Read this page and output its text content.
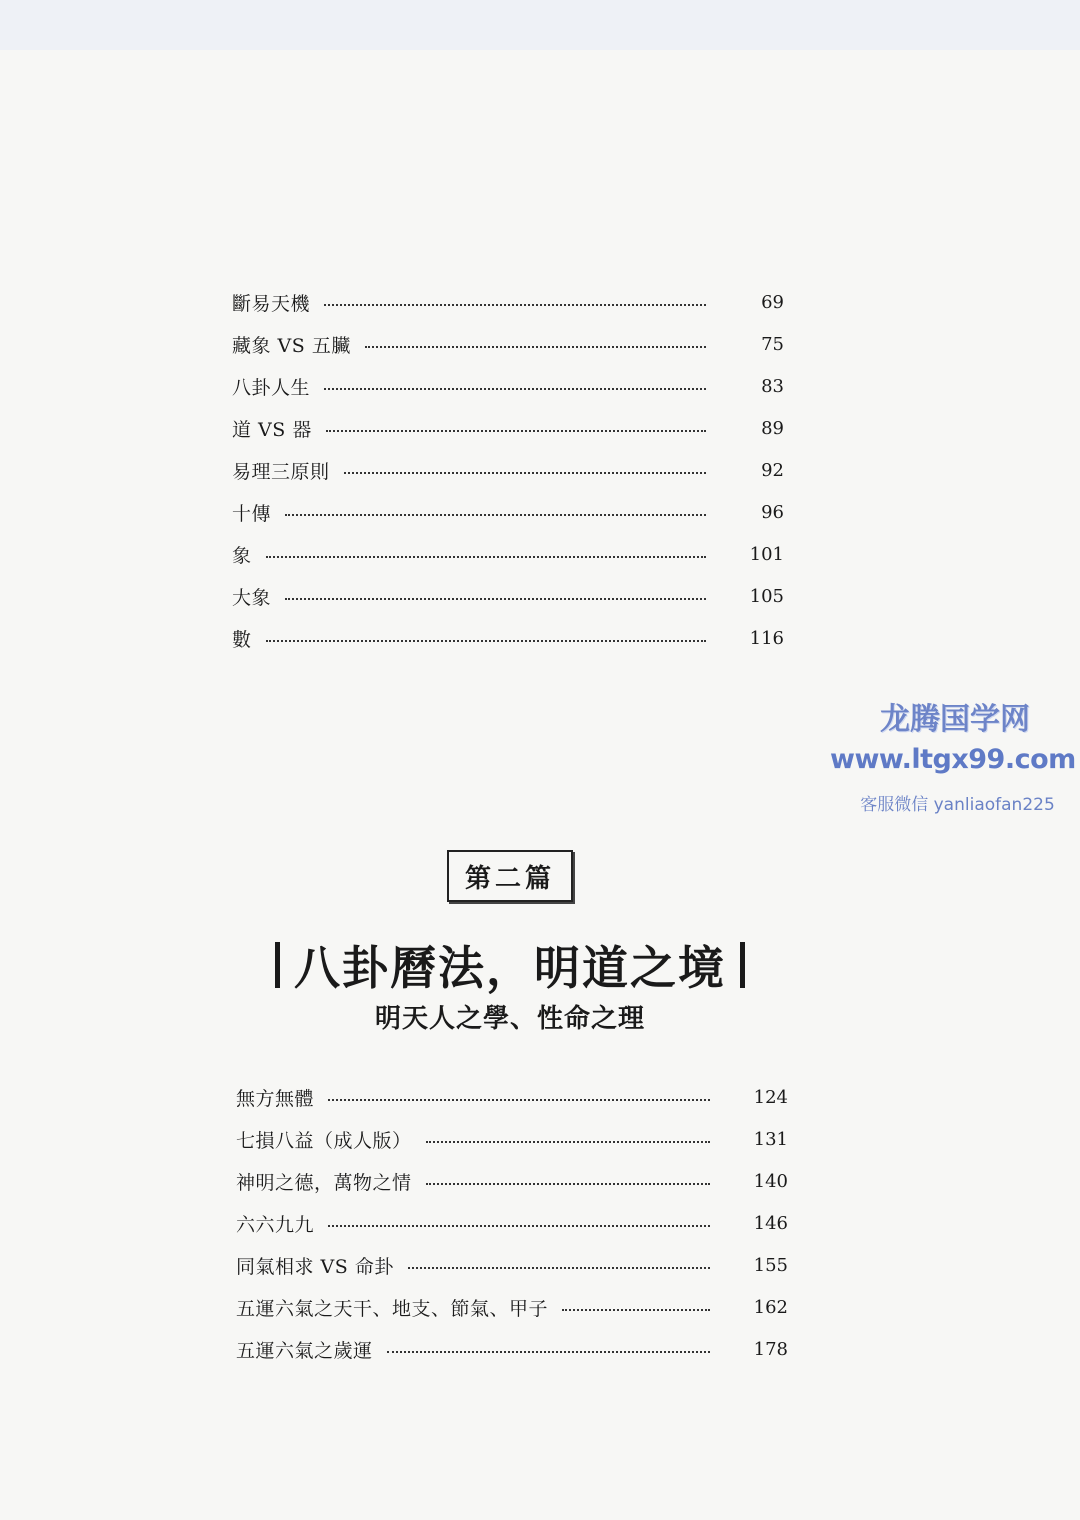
斷易天機	69
藏象 VS 五臟	75
八卦人生	83
道 VS 器	89
易理三原則	92
十傳	96
象	101
大象	105
數	116
龙腾国学网
www.ltgx99.com
客服微信 yanliaofan225
第二篇
八卦曆法，明道之境
明天人之學、性命之理
無方無體	124
七損八益（成人版）	131
神明之德，萬物之情	140
六六九九	146
同氣相求 VS 命卦	155
五運六氣之天干、地支、節氣、甲子	162
五運六氣之歲運	178
